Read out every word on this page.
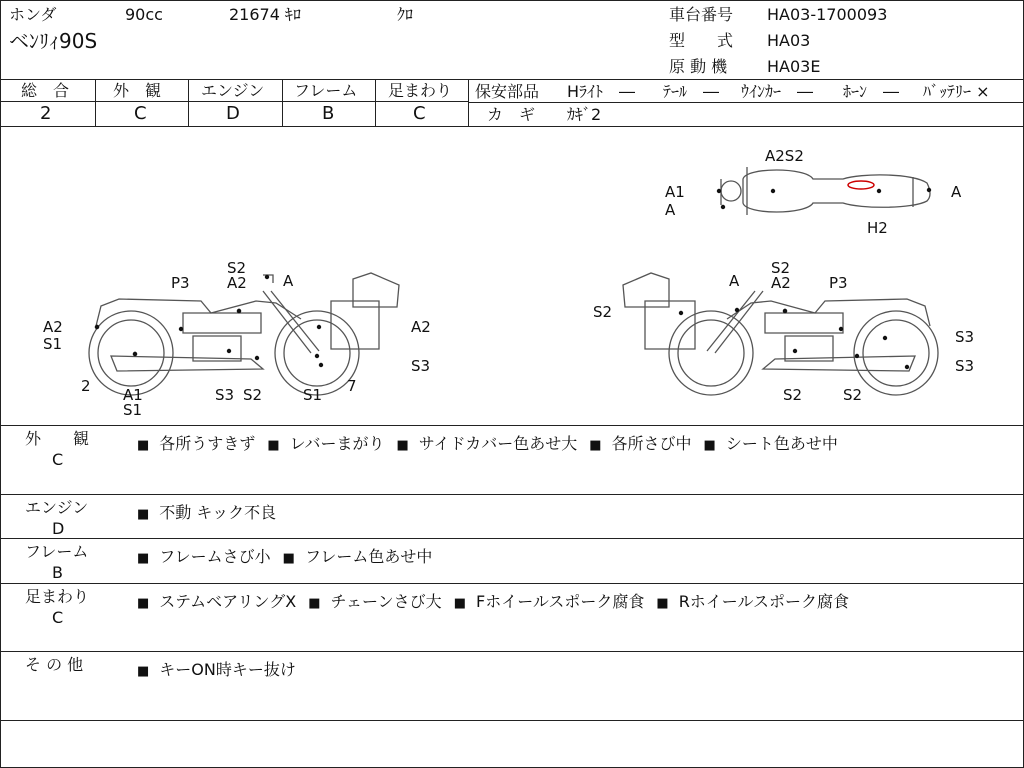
ホンダ	90cc	21674 ｷﾛ	ｸﾛ
ベﾝﾘｨ90S
車台番号 HA03-1700093
型　　式 HA03
原 動 機 HA03E
総　合
2
外　観
C
エンジン
D
フレーム
B
足まわり
C
保安部品 Hﾗｲﾄ　― ﾃｰﾙ　― ｳｲﾝｶｰ　― ﾎｰﾝ　― ﾊﾞｯﾃﾘｰ ×
カ　ギ ｶｷﾞ2
A2S2
A1
A
A
H2
S2
A2 A
P3
A2
S1
A2
2 A1
S1
S3 S2	S1 7
S3
S2
A A2	P3
S2
S3
S3
S2	S2
外　　観
C
■ 各所うすきず ■ レバーまがり ■ サイドカバー色あせ大 ■ 各所さび中 ■ シート色あせ中
エンジン
D
■ 不動 キック不良
フレーム
B
■ フレームさび小 ■ フレーム色あせ中
足まわり
C
■ ステムベアリングX ■ チェーンさび大 ■ Fホイールスポーク腐食 ■ Rホイールスポーク腐食
そ の 他	■ キーON時キー抜け
